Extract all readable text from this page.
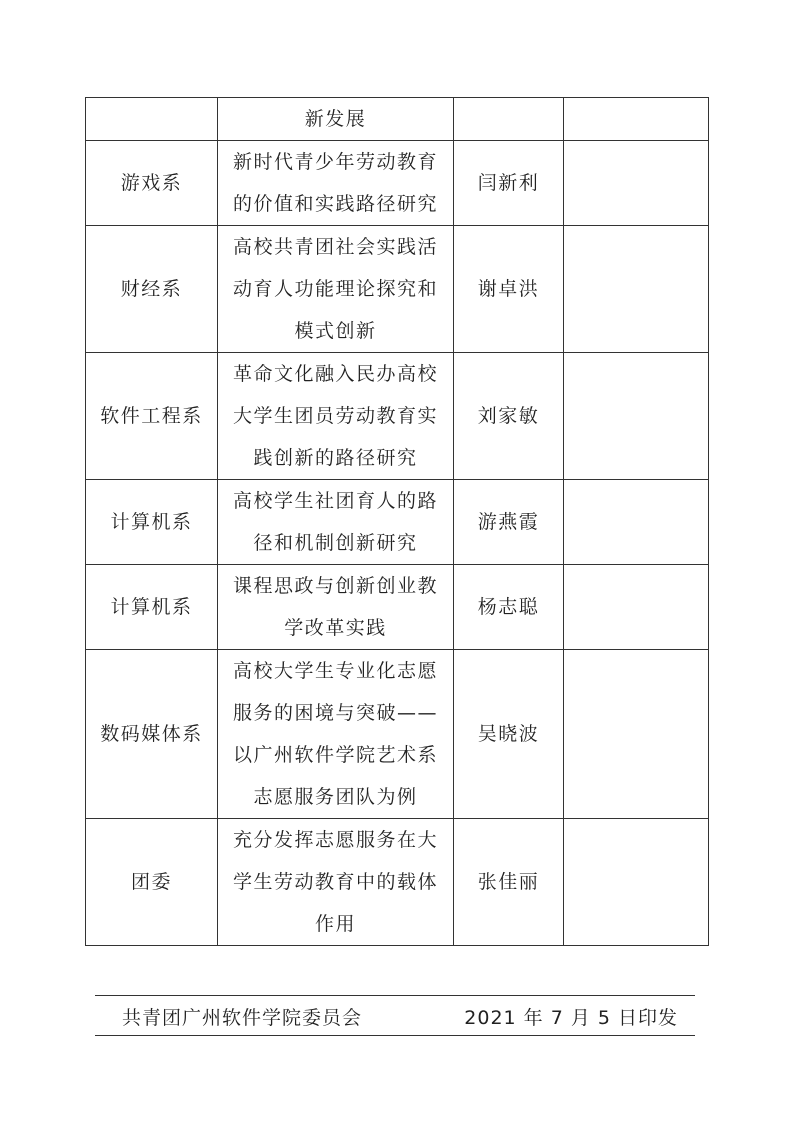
	新发展		

游戏系	新时代青少年劳动教育
的价值和实践路径研究	闫新利	
财经系	高校共青团社会实践活
动育人功能理论探究和
模式创新	谢卓洪	
软件工程系	革命文化融入民办高校
大学生团员劳动教育实
践创新的路径研究	刘家敏	
计算机系	高校学生社团育人的路
径和机制创新研究	游燕霞	
计算机系	课程思政与创新创业教
学改革实践	杨志聪	
数码媒体系	高校大学生专业化志愿
服务的困境与突破——
以广州软件学院艺术系
志愿服务团队为例	吴晓波	
团委	充分发挥志愿服务在大
学生劳动教育中的载体
作用	张佳丽	
共青团广州软件学院委员会	2021 年 7 月 5 日印发
